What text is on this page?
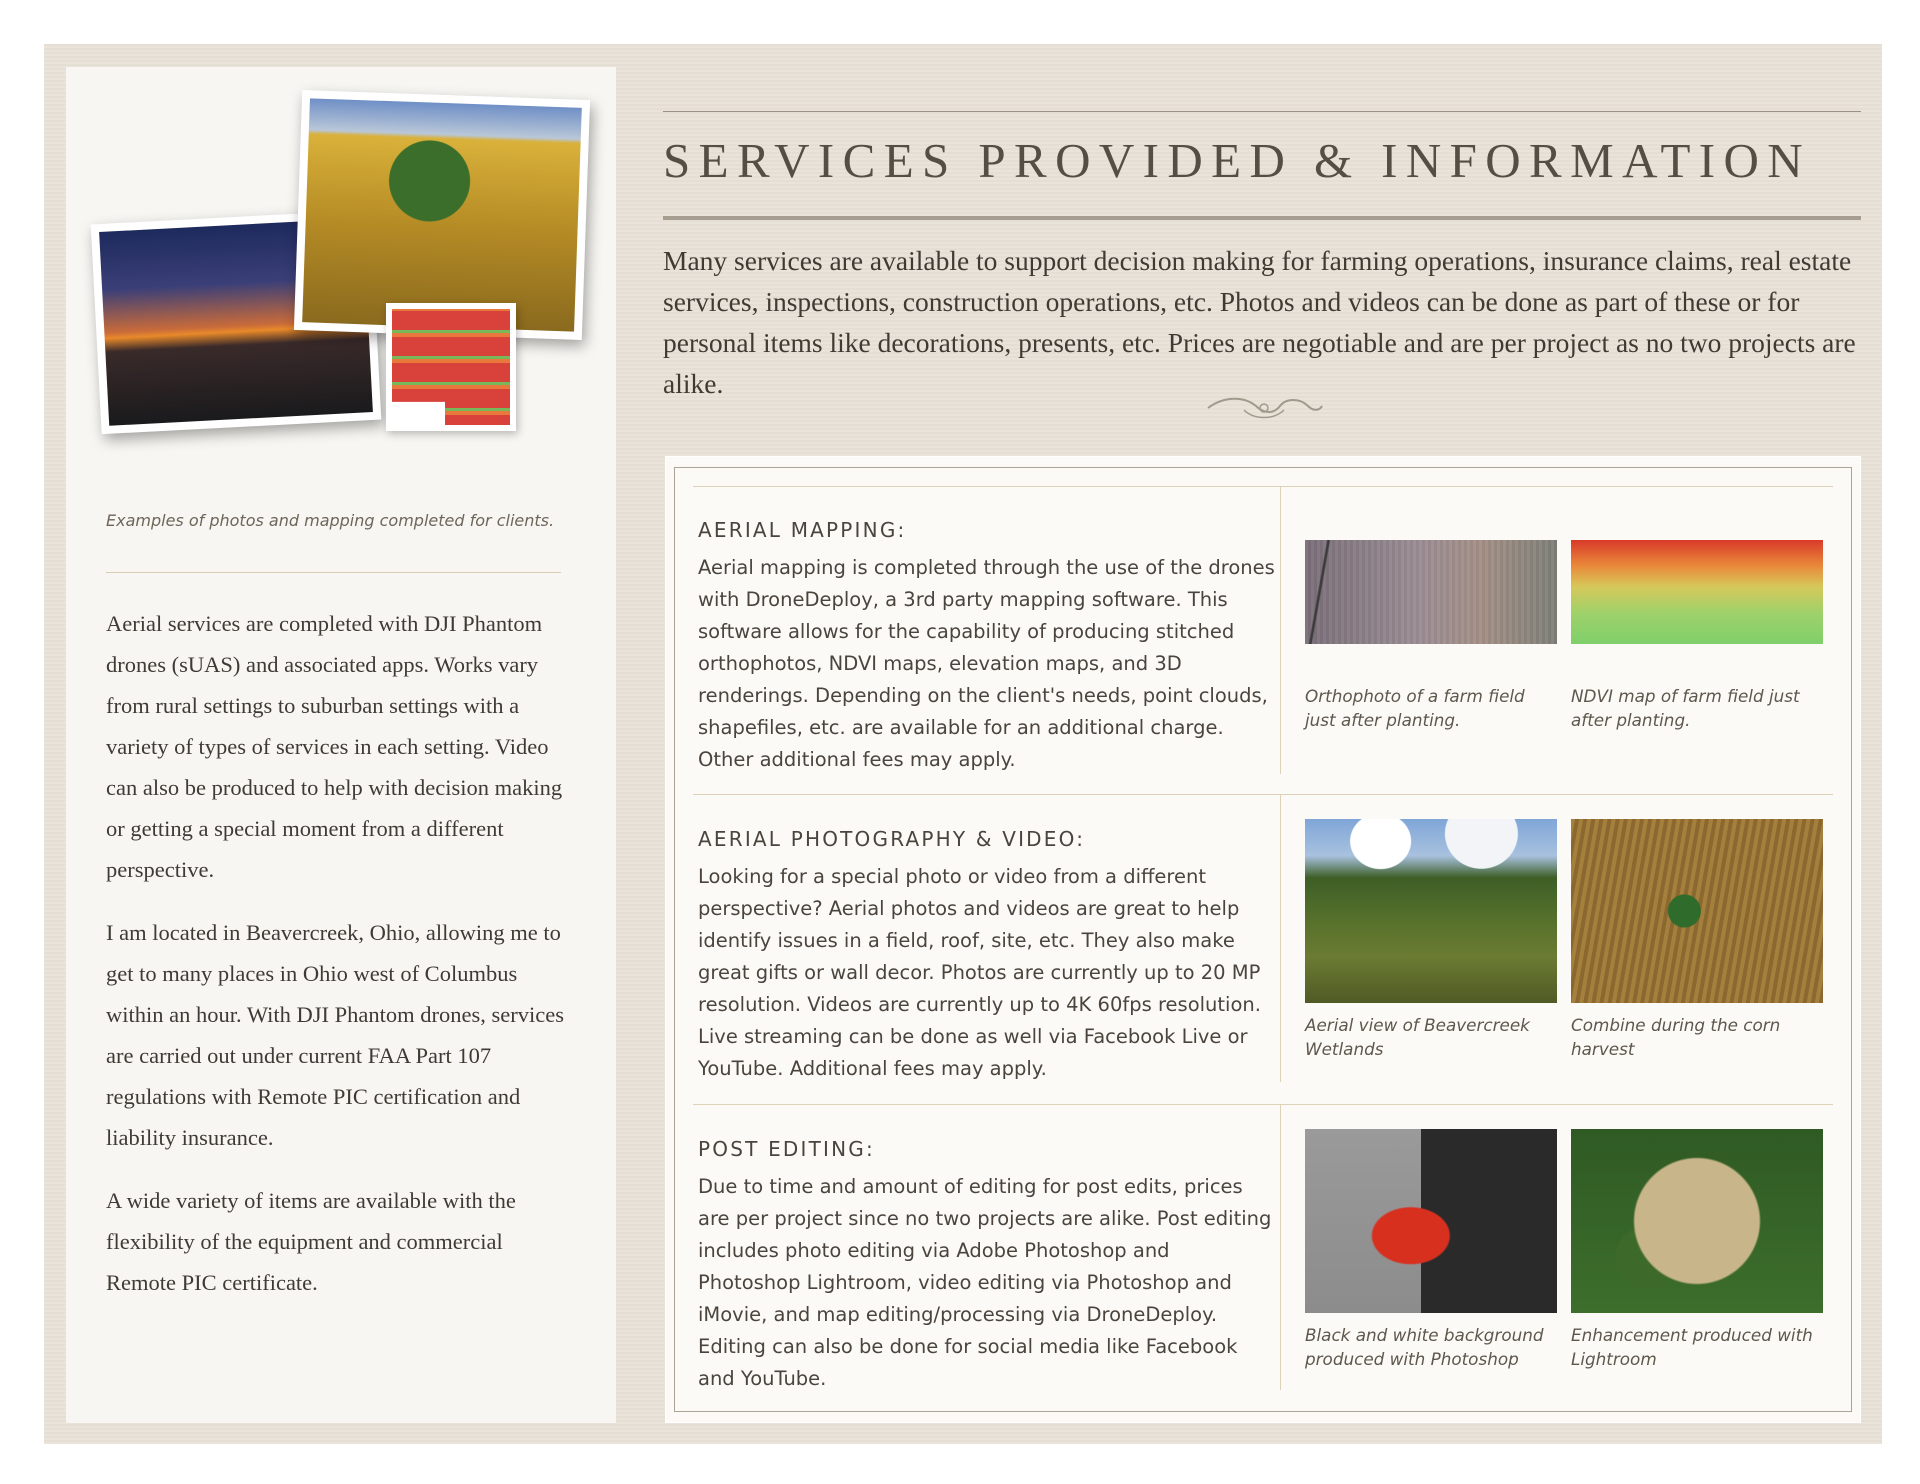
Examples of photos and mapping completed for clients.

Aerial services are completed with DJI Phantom drones (sUAS) and associated apps. Works vary from rural settings to suburban settings with a variety of types of services in each setting. Video can also be produced to help with decision making or getting a special moment from a different perspective.

I am located in Beavercreek, Ohio, allowing me to get to many places in Ohio west of Columbus within an hour. With DJI Phantom drones, services are carried out under current FAA Part 107 regulations with Remote PIC certification and liability insurance.

A wide variety of items are available with the flexibility of the equipment and commercial Remote PIC certificate.

SERVICES PROVIDED & INFORMATION
Many services are available to support decision making for farming operations, insurance claims, real estate services, inspections, construction operations, etc. Photos and videos can be done as part of these or for personal items like decorations, presents, etc. Prices are negotiable and are per project as no two projects are alike.
AERIAL MAPPING:
Aerial mapping is completed through the use of the drones with DroneDeploy, a 3rd party mapping software. This software allows for the capability of producing stitched orthophotos, NDVI maps, elevation maps, and 3D renderings. Depending on the client's needs, point clouds, shapefiles, etc. are available for an additional charge. Other additional fees may apply.
Orthophoto of a farm field just after planting.
NDVI map of farm field just after planting.
AERIAL PHOTOGRAPHY & VIDEO:
Looking for a special photo or video from a different perspective? Aerial photos and videos are great to help identify issues in a field, roof, site, etc. They also make great gifts or wall decor. Photos are currently up to 20 MP resolution. Videos are currently up to 4K 60fps resolution. Live streaming can be done as well via Facebook Live or YouTube. Additional fees may apply.
Aerial view of Beavercreek Wetlands
Combine during the corn harvest
POST EDITING:
Due to time and amount of editing for post edits, prices are per project since no two projects are alike. Post editing includes photo editing via Adobe Photoshop and Photoshop Lightroom, video editing via Photoshop and iMovie, and map editing/processing via DroneDeploy. Editing can also be done for social media like Facebook and YouTube.
Black and white background produced with Photoshop
Enhancement produced with Lightroom
